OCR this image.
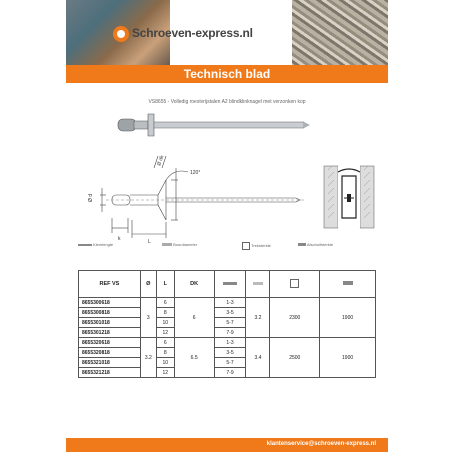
Schroeven-express.nl
Technisch blad
VS8655 - Volledig roestvrijstalen A2 blindklinknagel met verzonken kop
Ø d
Ø dk
120°
k	L
Klemlengte	Boordiameter	Treksterkte	Afschuifsterkte
REF VS	Ø	L	DK				
8655300618	3	6	6	1-3	3.2	2300	1900
8655300818		8		3-5			
8655301018		10		5-7			
8655301218		12		7-9			
8655320618	3.2	6	6.5	1-3	3.4	2500	1900
8655320818		8		3-5			
8655321018		10		5-7			
8655321218		12		7-9			
klantenservice@schroeven-express.nl
